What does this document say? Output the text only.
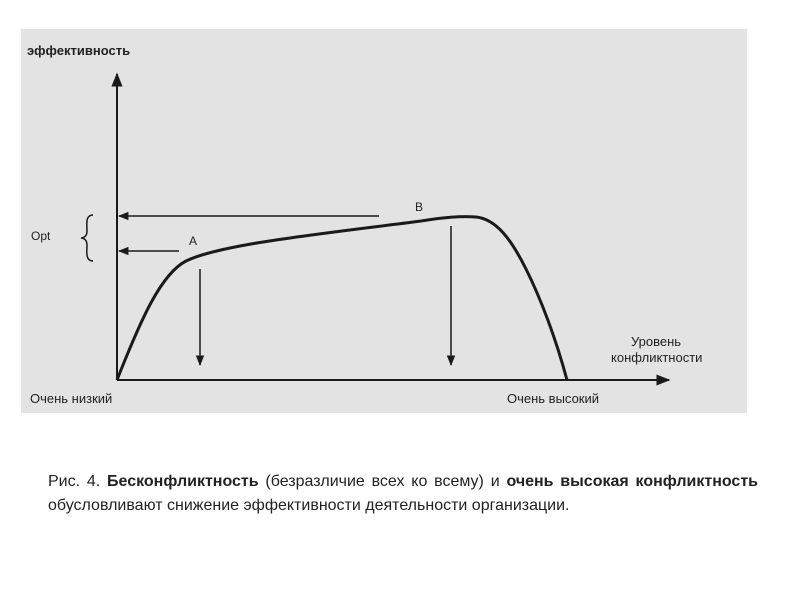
эффективность
Opt	A
B
Уровень
конфликтности
Очень низкий	Очень высокий
Рис. 4. Бесконфликтность (безразличие всех ко всему) и очень высокая конфликтность обусловливают снижение эффективности деятельности организации.
